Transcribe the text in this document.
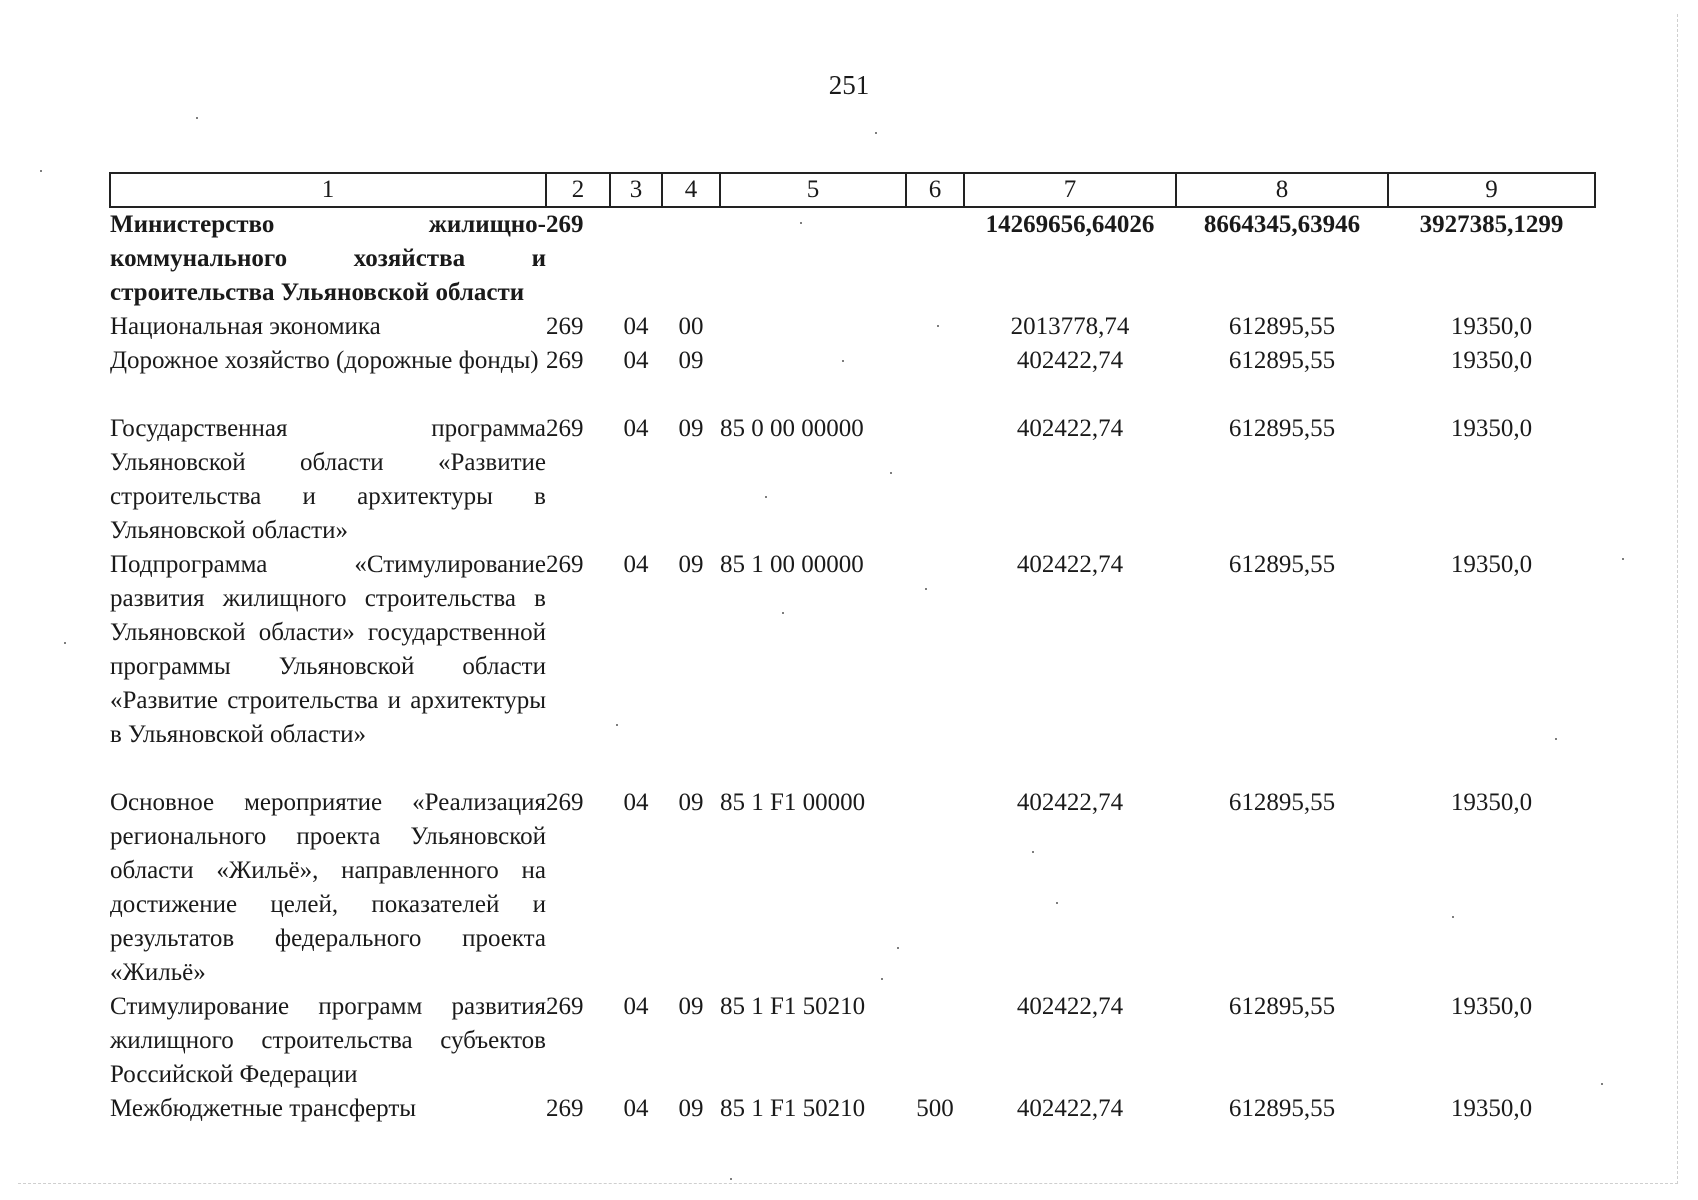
251
1	2	3	4	5	6	7	8	9
Министерство жилищно-коммунального хозяйства и строительства Ульяновской области	269					14269656,64026	8664345,63946	3927385,1299
Национальная экономика	269	04	00			2013778,74	612895,55	19350,0
Дорожное хозяйство (дорожные фонды)	269	04	09			402422,74	612895,55	19350,0
Государственная программа Ульяновской области «Развитие строительства и архитектуры в Ульяновской области»	269	04	09	85 0 00 00000		402422,74	612895,55	19350,0
Подпрограмма «Стимулирование развития жилищного строительства в Ульяновской области» государственной программы Ульяновской области «Развитие строительства и архитектуры в Ульяновской области»	269	04	09	85 1 00 00000		402422,74	612895,55	19350,0
Основное мероприятие «Реализация регионального проекта Ульяновской области «Жильё», направленного на достижение целей, показателей и результатов федерального проекта «Жильё»	269	04	09	85 1 F1 00000		402422,74	612895,55	19350,0
Стимулирование программ развития жилищного строительства субъектов Российской Федерации	269	04	09	85 1 F1 50210		402422,74	612895,55	19350,0
Межбюджетные трансферты	269	04	09	85 1 F1 50210	500	402422,74	612895,55	19350,0
